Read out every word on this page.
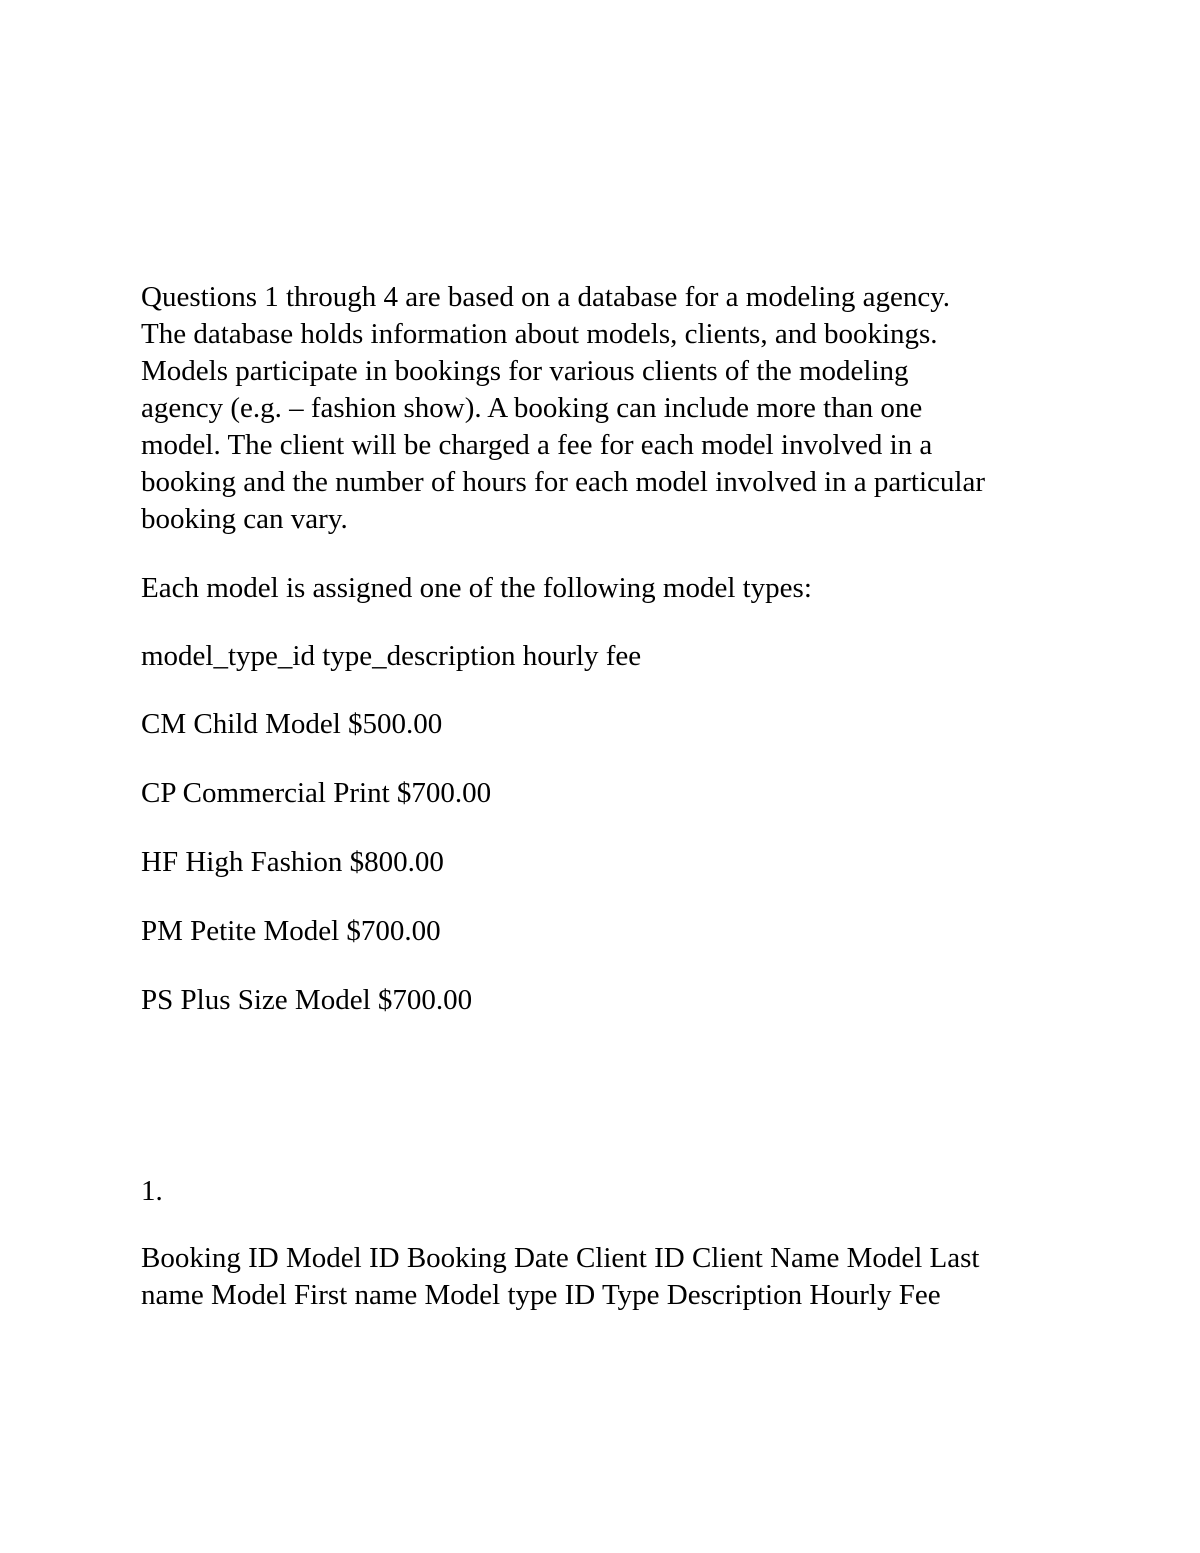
Questions 1 through 4 are based on a database for a modeling agency.
The database holds information about models, clients, and bookings.
Models participate in bookings for various clients of the modeling
agency (e.g. – fashion show). A booking can include more than one
model. The client will be charged a fee for each model involved in a
booking and the number of hours for each model involved in a particular
booking can vary.

Each model is assigned one of the following model types:

model_type_id type_description hourly fee

CM Child Model $500.00

CP Commercial Print $700.00

HF High Fashion $800.00

PM Petite Model $700.00

PS Plus Size Model $700.00

1.

Booking ID Model ID Booking Date Client ID Client Name Model Last
name Model First name Model type ID Type Description Hourly Fee
